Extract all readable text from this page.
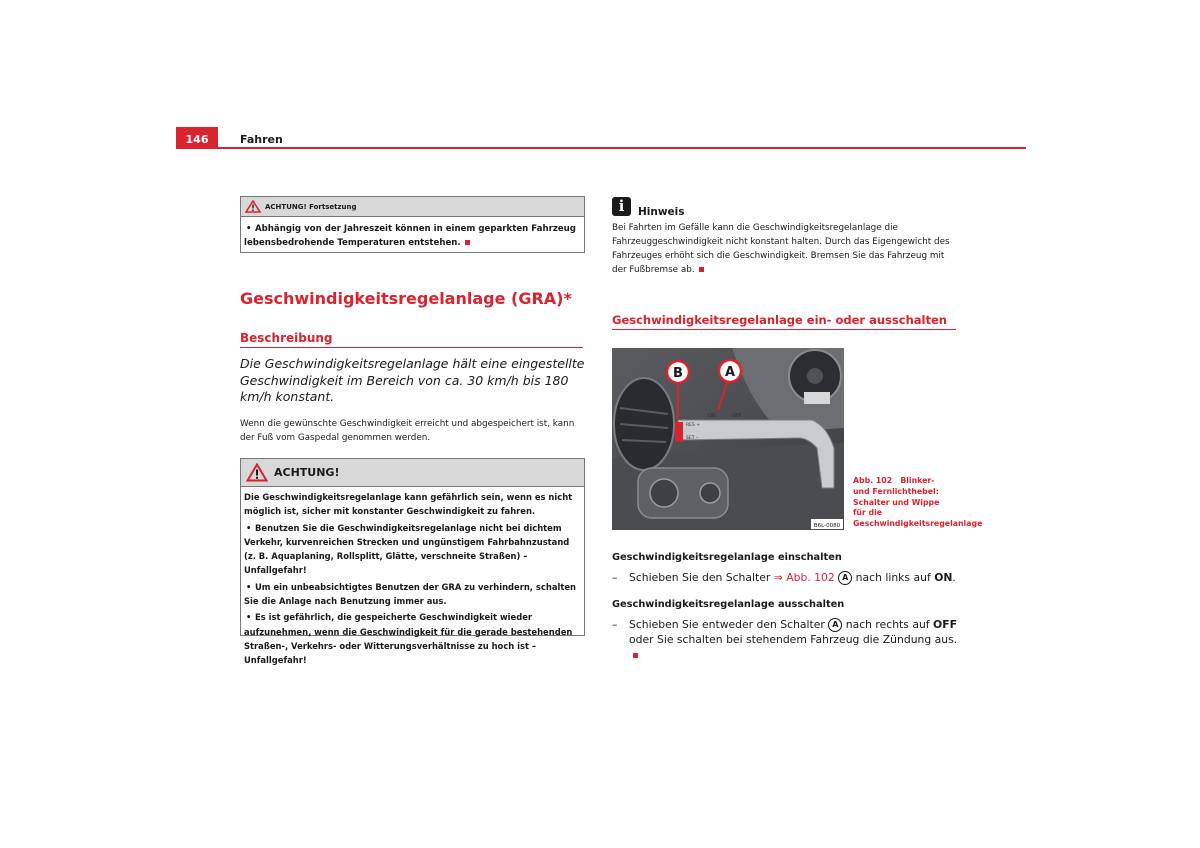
146	Fahren
ACHTUNG! Fortsetzung

• Abhängig von der Jahreszeit können in einem geparkten Fahrzeug lebensbedrohende Temperaturen entstehen.

Geschwindigkeitsregelanlage (GRA)*
Beschreibung
Die Geschwindigkeitsregelanlage hält eine eingestellte Geschwindigkeit im Bereich von ca. 30 km/h bis 180 km/h konstant.
Wenn die gewünschte Geschwindigkeit erreicht und abgespeichert ist, kann der Fuß vom Gaspedal genommen werden.
ACHTUNG!

Die Geschwindigkeitsregelanlage kann gefährlich sein, wenn es nicht möglich ist, sicher mit konstanter Geschwindigkeit zu fahren.

• Benutzen Sie die Geschwindigkeitsregelanlage nicht bei dichtem Verkehr, kurvenreichen Strecken und ungünstigem Fahrbahnzustand (z. B. Aquaplaning, Rollsplitt, Glätte, verschneite Straßen) – Unfallgefahr!

• Um ein unbeabsichtigtes Benutzen der GRA zu verhindern, schalten Sie die Anlage nach Benutzung immer aus.

• Es ist gefährlich, die gespeicherte Geschwindigkeit wieder aufzunehmen, wenn die Geschwindigkeit für die gerade bestehenden Straßen-, Verkehrs- oder Witterungsverhältnisse zu hoch ist – Unfallgefahr!

i	Hinweis
Bei Fahrten im Gefälle kann die Geschwindigkeitsregelanlage die Fahrzeuggeschwindigkeit nicht konstant halten. Durch das Eigengewicht des Fahrzeuges erhöht sich die Geschwindigkeit. Bremsen Sie das Fahrzeug mit der Fußbremse ab.
Geschwindigkeitsregelanlage ein- oder ausschalten
ON	OFF
RES +
SET –
B	A
B6L-0080
Abb. 102 Blinker- und Fernlichthebel: Schalter und Wippe für die Geschwindigkeitsregelanlage
Geschwindigkeitsregelanlage einschalten
–	Schieben Sie den Schalter ⇒ Abb. 102 A nach links auf ON.
Geschwindigkeitsregelanlage ausschalten
–	Schieben Sie entweder den Schalter A nach rechts auf OFF oder Sie schalten bei stehendem Fahrzeug die Zündung aus.
